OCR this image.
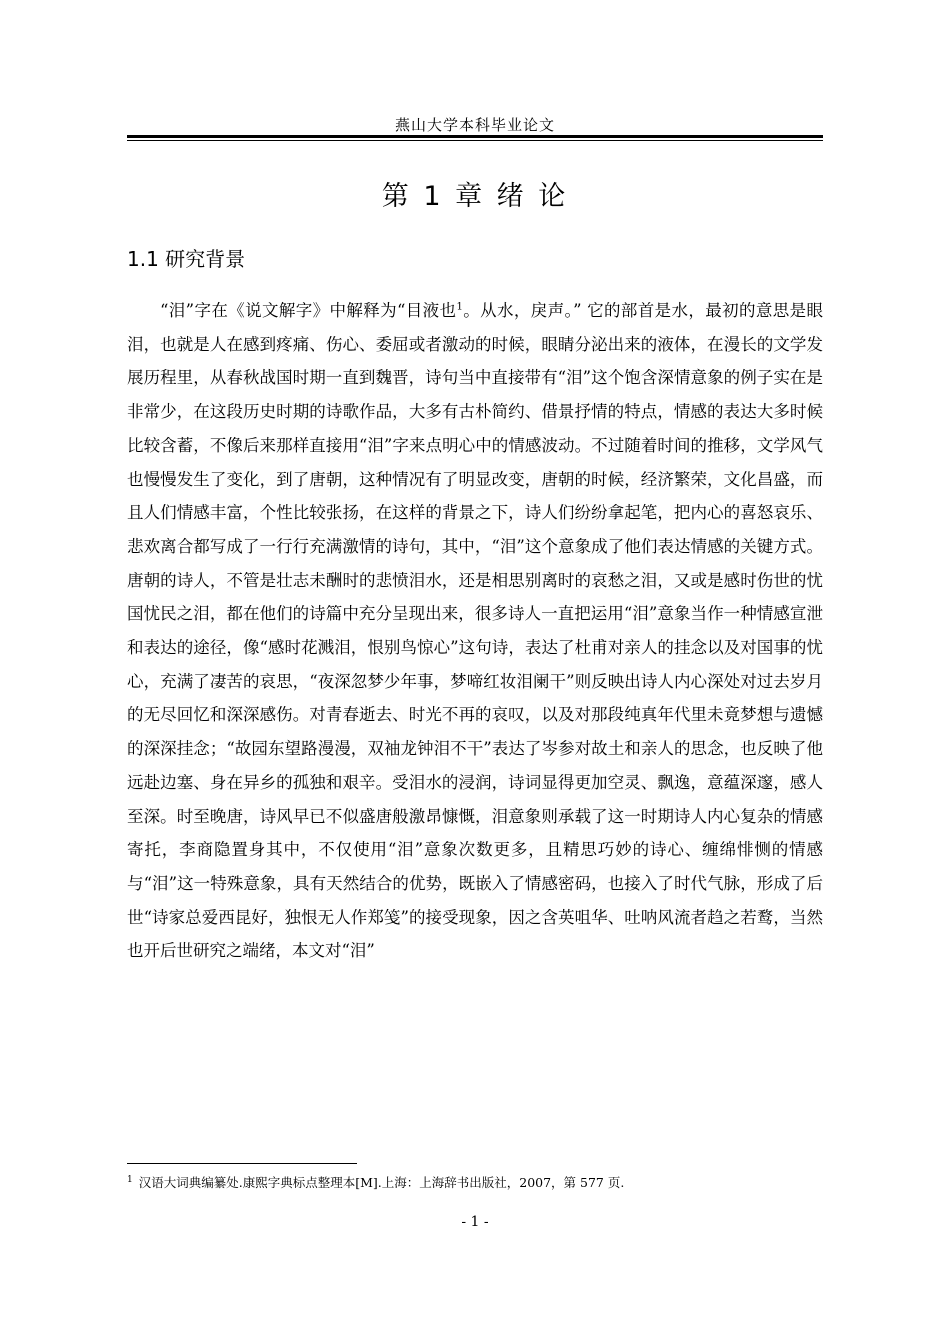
燕山大学本科毕业论文
第 1 章 绪 论
1.1 研究背景

“泪”字在《说文解字》中解释为“目液也$^1$。从水，戾声。” 它的部首是水，最初的意思是眼泪，也就是人在感到疼痛、伤心、委屈或者激动的时候，眼睛分泌出来的液体，在漫长的文学发展历程里，从春秋战国时期一直到魏晋，诗句当中直接带有“泪”这个饱含深情意象的例子实在是非常少，在这段历史时期的诗歌作品，大多有古朴简约、借景抒情的特点，情感的表达大多时候比较含蓄，不像后来那样直接用“泪”字来点明心中的情感波动。不过随着时间的推移，文学风气也慢慢发生了变化，到了唐朝，这种情况有了明显改变，唐朝的时候，经济繁荣，文化昌盛，而且人们情感丰富，个性比较张扬，在这样的背景之下，诗人们纷纷拿起笔，把内心的喜怒哀乐、悲欢离合都写成了一行行充满激情的诗句，其中，“泪”这个意象成了他们表达情感的关键方式。唐朝的诗人，不管是壮志未酬时的悲愤泪水，还是相思别离时的哀愁之泪，又或是感时伤世的忧国忧民之泪，都在他们的诗篇中充分呈现出来，很多诗人一直把运用“泪”意象当作一种情感宣泄和表达的途径，像“感时花溅泪，恨别鸟惊心”这句诗，表达了杜甫对亲人的挂念以及对国事的忧心，充满了凄苦的哀思，“夜深忽梦少年事，梦啼红妆泪阑干”则反映出诗人内心深处对过去岁月的无尽回忆和深深感伤。对青春逝去、时光不再的哀叹，以及对那段纯真年代里未竟梦想与遗憾的深深挂念；“故园东望路漫漫，双袖龙钟泪不干”表达了岑参对故土和亲人的思念，也反映了他远赴边塞、身在异乡的孤独和艰辛。受泪水的浸润，诗词显得更加空灵、飘逸，意蕴深邃，感人至深。时至晚唐，诗风早已不似盛唐般激昂慷慨，泪意象则承载了这一时期诗人内心复杂的情感寄托，李商隐置身其中，不仅使用“泪”意象次数更多，且精思巧妙的诗心、缠绵悱恻的情感与“泪”这一特殊意象，具有天然结合的优势，既嵌入了情感密码，也接入了时代气脉，形成了后世“诗家总爱西昆好，独恨无人作郑笺”的接受现象，因之含英咀华、吐呐风流者趋之若鹜，当然也开后世研究之端绪，本文对“泪”

$^1$ 汉语大词典编纂处.康熙字典标点整理本[M].上海：上海辞书出版社，2007，第 577 页.
- 1 -
